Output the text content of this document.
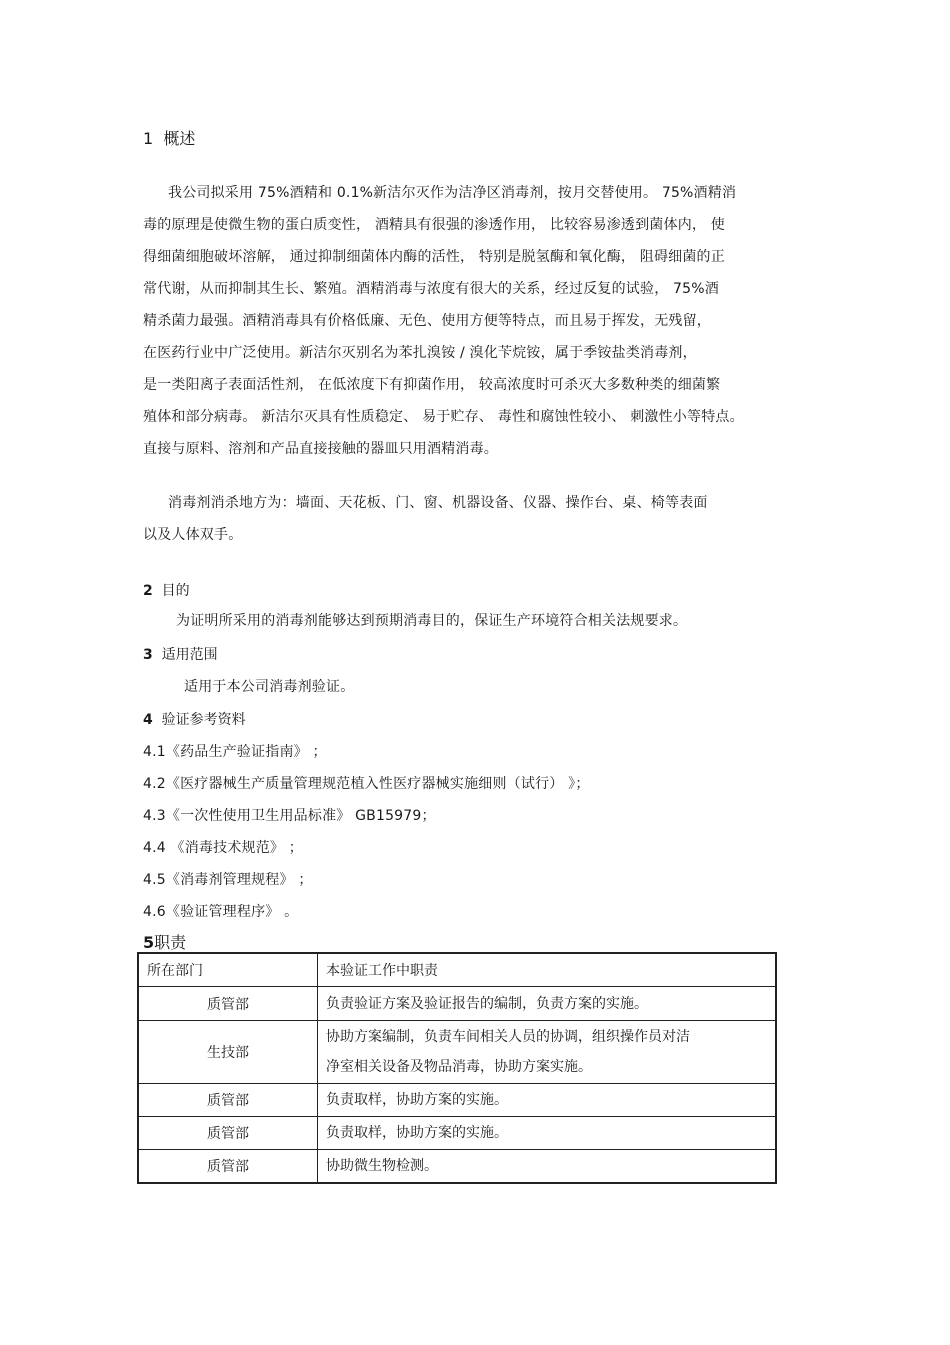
1 概述
我公司拟采用 75%酒精和 0.1%新洁尔灭作为洁净区消毒剂，按月交替使用。 75%酒精消
毒的原理是使微生物的蛋白质变性， 酒精具有很强的渗透作用， 比较容易渗透到菌体内， 使
得细菌细胞破坏溶解， 通过抑制细菌体内酶的活性， 特别是脱氢酶和氧化酶， 阻碍细菌的正
常代谢，从而抑制其生长、繁殖。酒精消毒与浓度有很大的关系，经过反复的试验， 75%酒
精杀菌力最强。酒精消毒具有价格低廉、无色、使用方便等特点，而且易于挥发，无残留，
在医药行业中广泛使用。新洁尔灭别名为苯扎溴铵 / 溴化苄烷铵，属于季铵盐类消毒剂，
是一类阳离子表面活性剂， 在低浓度下有抑菌作用， 较高浓度时可杀灭大多数种类的细菌繁
殖体和部分病毒。 新洁尔灭具有性质稳定、 易于贮存、 毒性和腐蚀性较小、 刺激性小等特点。
直接与原料、溶剂和产品直接接触的器皿只用酒精消毒。
消毒剂消杀地方为：墙面、天花板、门、窗、机器设备、仪器、操作台、桌、椅等表面
以及人体双手。
2 目的
为证明所采用的消毒剂能够达到预期消毒目的，保证生产环境符合相关法规要求。
3 适用范围
适用于本公司消毒剂验证。
4 验证参考资料
4.1《药品生产验证指南》 ；
4.2《医疗器械生产质量管理规范植入性医疗器械实施细则（试行） 》；
4.3《一次性使用卫生用品标准》 GB15979；
4.4 《消毒技术规范》 ；
4.5《消毒剂管理规程》 ；
4.6《验证管理程序》 。
5职责
所在部门	本验证工作中职责
质管部	负责验证方案及验证报告的编制，负责方案的实施。

生技部	协助方案编制，负责车间相关人员的协调，组织操作员对洁
净室相关设备及物品消毒，协助方案实施。

质管部	负责取样，协助方案的实施。

质管部	负责取样，协助方案的实施。

质管部	协助微生物检测。
